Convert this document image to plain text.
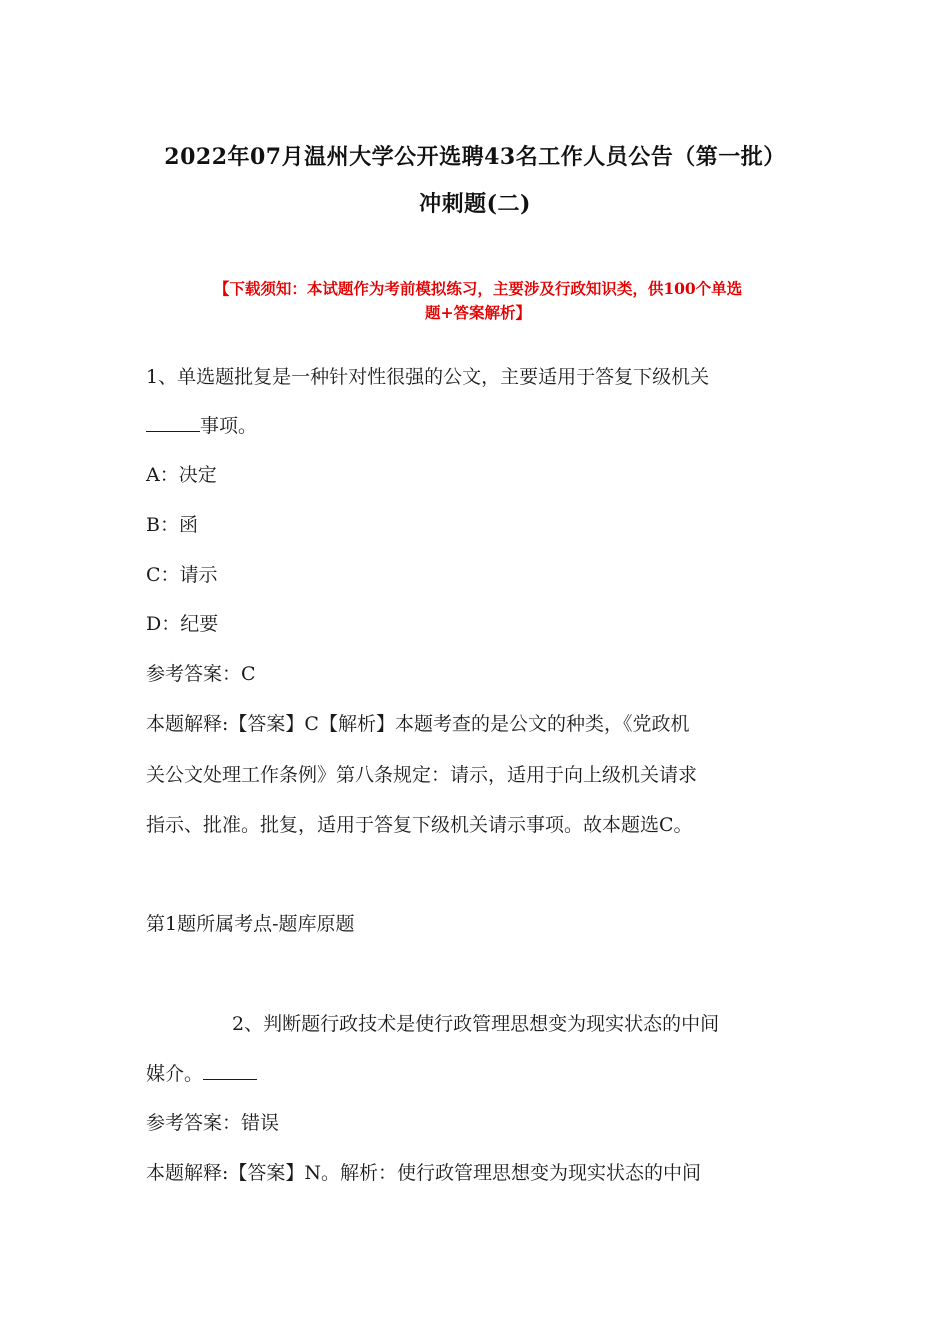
2022年07月温州大学公开选聘43名工作人员公告（第一批）
冲刺题(二)
【下载须知：本试题作为考前模拟练习，主要涉及行政知识类，供100个单选
题+答案解析】
1、单选题批复是一种针对性很强的公文，主要适用于答复下级机关
事项。
A：决定
B：函
C：请示
D：纪要
参考答案：C
本题解释:【答案】C【解析】本题考查的是公文的种类，《党政机
关公文处理工作条例》第八条规定：请示，适用于向上级机关请求
指示、批准。批复，适用于答复下级机关请示事项。故本题选C。
第1题所属考点-题库原题
2、判断题行政技术是使行政管理思想变为现实状态的中间
媒介。
参考答案：错误
本题解释:【答案】N。解析：使行政管理思想变为现实状态的中间
